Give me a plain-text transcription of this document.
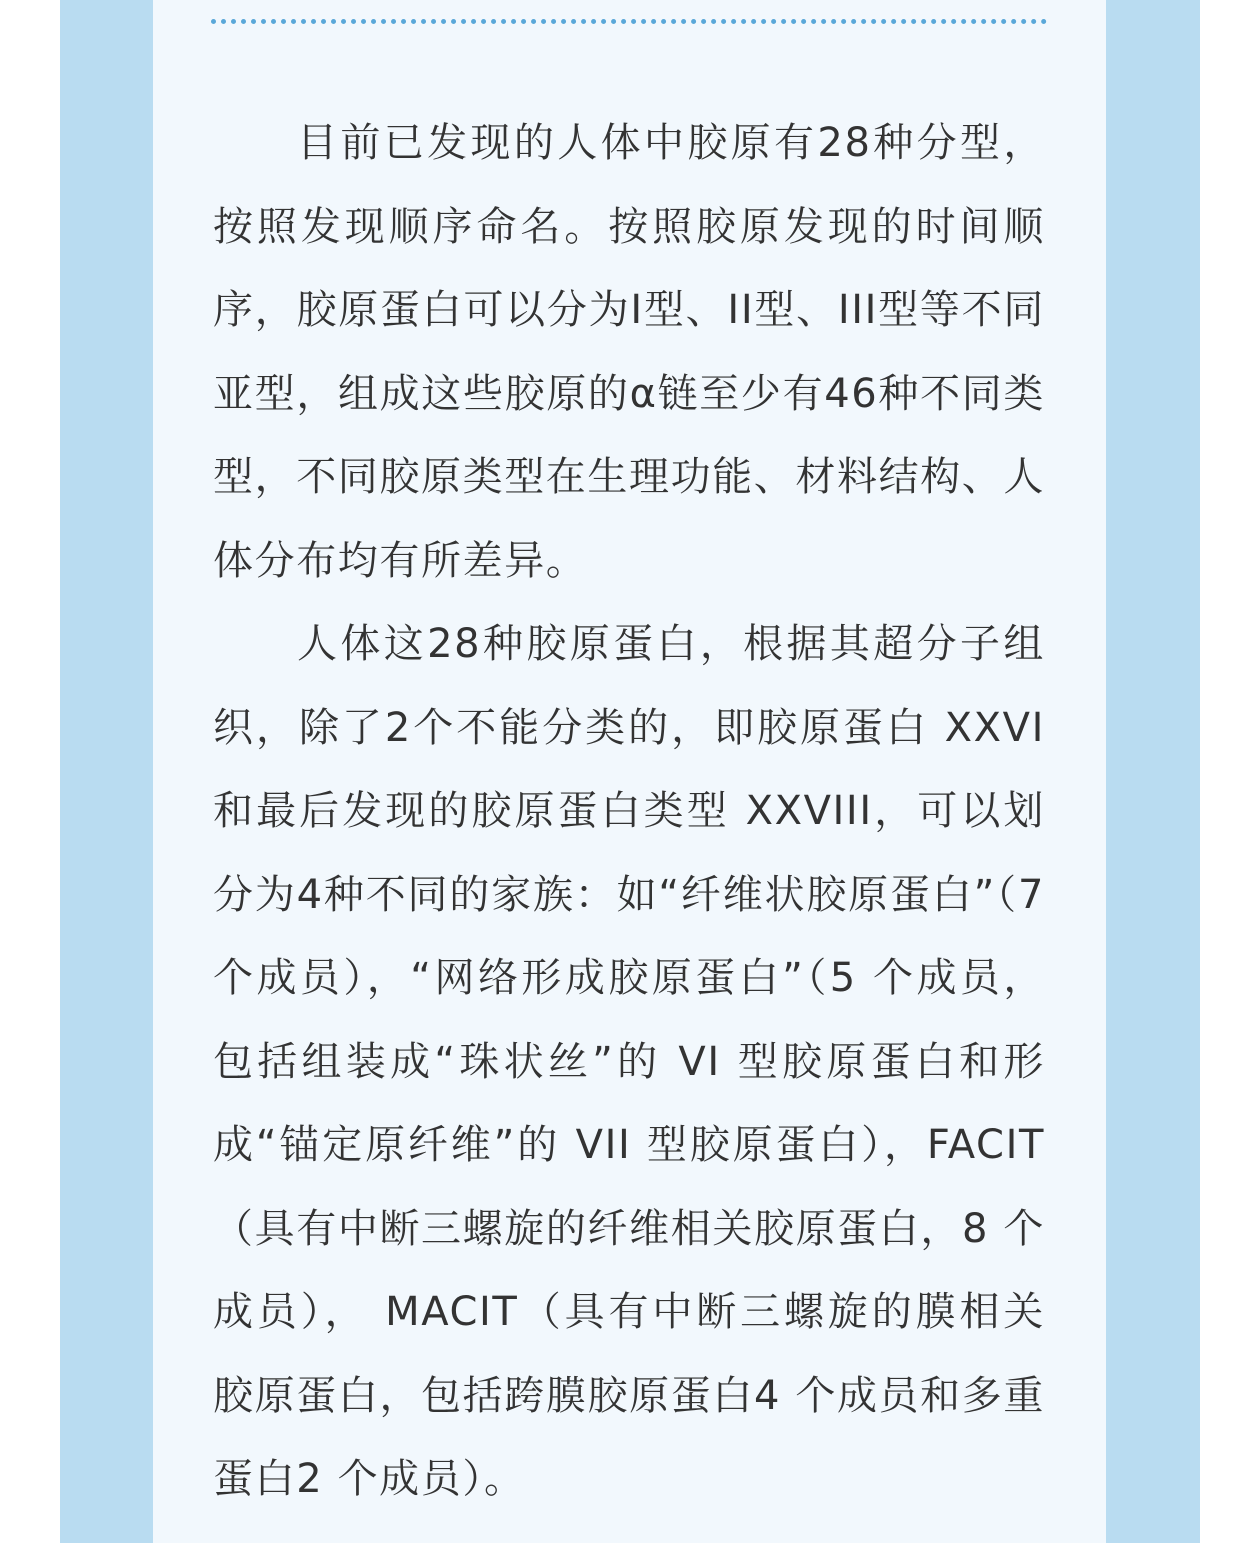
目前已发现的人体中胶原有28种分型，按照发现顺序命名。按照胶原发现的时间顺序，胶原蛋白可以分为I型、II型、III型等不同亚型，组成这些胶原的α链至少有46种不同类型，不同胶原类型在生理功能、材料结构、人体分布均有所差异。

人体这28种胶原蛋白，根据其超分子组织，除了2个不能分类的，即胶原蛋白 XXVI和最后发现的胶原蛋白类型 XXVIII，可以划分为4种不同的家族：如“纤维状胶原蛋白”（7 个成员），“网络形成胶原蛋白”（5 个成员，包括组装成“珠状丝”的 VI 型胶原蛋白和形成“锚定原纤维”的 VII 型胶原蛋白），FACIT（具有中断三螺旋的纤维相关胶原蛋白，8 个成员）， MACIT（具有中断三螺旋的膜相关胶原蛋白，包括跨膜胶原蛋白4 个成员和多重蛋白2 个成员）。
